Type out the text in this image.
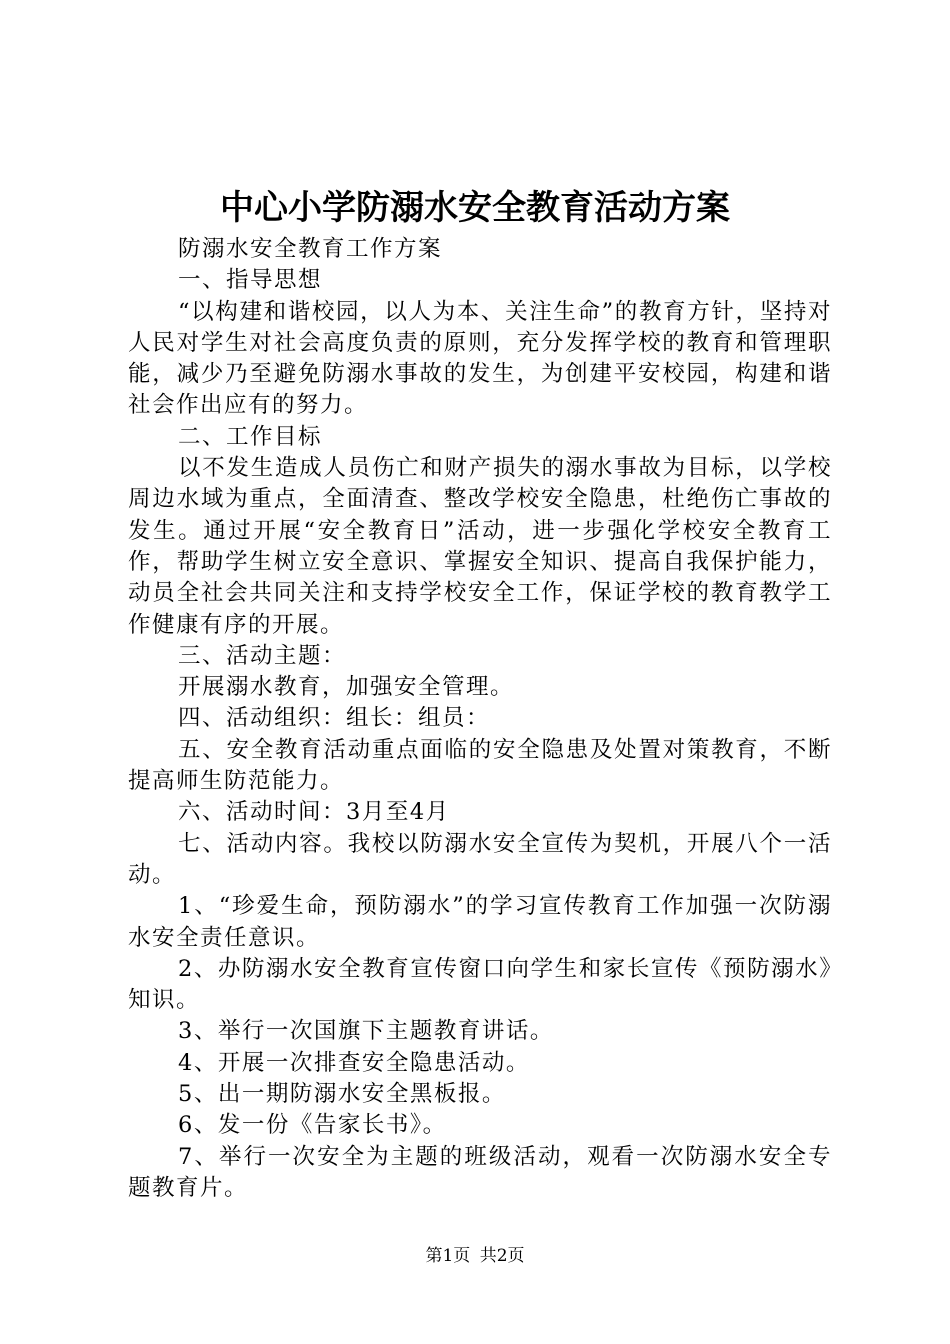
中心小学防溺水安全教育活动方案

防溺水安全教育工作方案

一、指导思想

“以构建和谐校园，以人为本、关注生命”的教育方针，坚持对人民对学生对社会高度负责的原则，充分发挥学校的教育和管理职能，减少乃至避免防溺水事故的发生，为创建平安校园，构建和谐社会作出应有的努力。

二、工作目标

以不发生造成人员伤亡和财产损失的溺水事故为目标，以学校周边水域为重点，全面清查、整改学校安全隐患，杜绝伤亡事故的发生。通过开展“安全教育日”活动，进一步强化学校安全教育工作，帮助学生树立安全意识、掌握安全知识、提高自我保护能力，动员全社会共同关注和支持学校安全工作，保证学校的教育教学工作健康有序的开展。

三、活动主题：

开展溺水教育，加强安全管理。

四、活动组织：组长：组员：

五、安全教育活动重点面临的安全隐患及处置对策教育，不断提高师生防范能力。

六、活动时间：3月至4月

七、活动内容。我校以防溺水安全宣传为契机，开展八个一活动。

1、“珍爱生命，预防溺水”的学习宣传教育工作加强一次防溺水安全责任意识。

2、办防溺水安全教育宣传窗口向学生和家长宣传《预防溺水》知识。

3、举行一次国旗下主题教育讲话。

4、开展一次排查安全隐患活动。

5、出一期防溺水安全黑板报。

6、发一份《告家长书》。

7、举行一次安全为主题的班级活动，观看一次防溺水安全专题教育片。

第1页 共2页
